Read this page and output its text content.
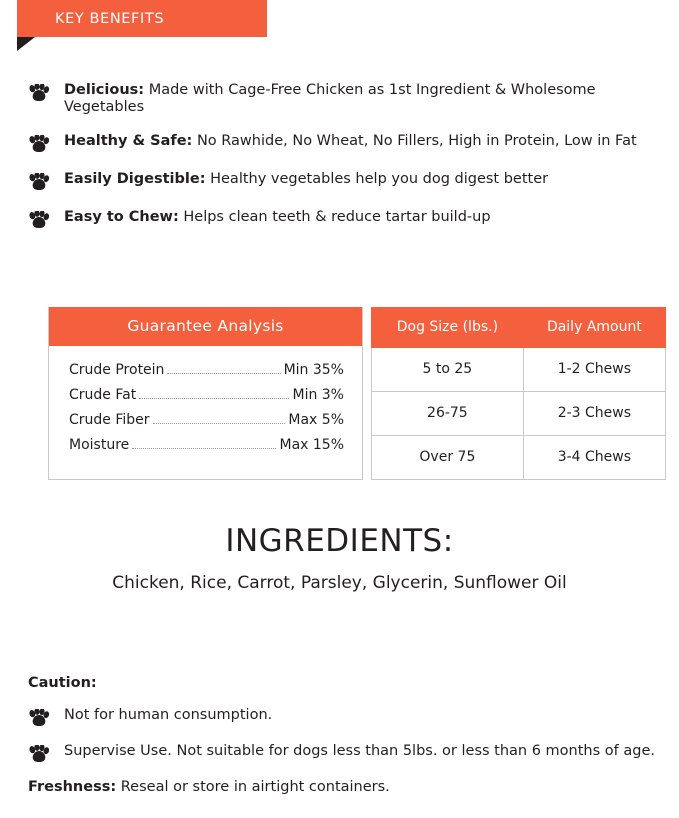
KEY BENEFITS
Delicious: Made with Cage-Free Chicken as 1st Ingredient & Wholesome Vegetables
Healthy & Safe: No Rawhide, No Wheat, No Fillers, High in Protein, Low in Fat
Easily Digestible: Healthy vegetables help you dog digest better
Easy to Chew: Helps clean teeth & reduce tartar build-up
Guarantee Analysis
Crude Protein	Min 35%
Crude Fat	Min 3%
Crude Fiber	Max 5%
Moisture	Max 15%
Dog Size (lbs.)	Daily Amount
5 to 25	1-2 Chews
26-75	2-3 Chews
Over 75	3-4 Chews
INGREDIENTS:
Chicken, Rice, Carrot, Parsley, Glycerin, Sunflower Oil
Caution:
Not for human consumption.
Supervise Use. Not suitable for dogs less than 5lbs. or less than 6 months of age.
Freshness: Reseal or store in airtight containers.
